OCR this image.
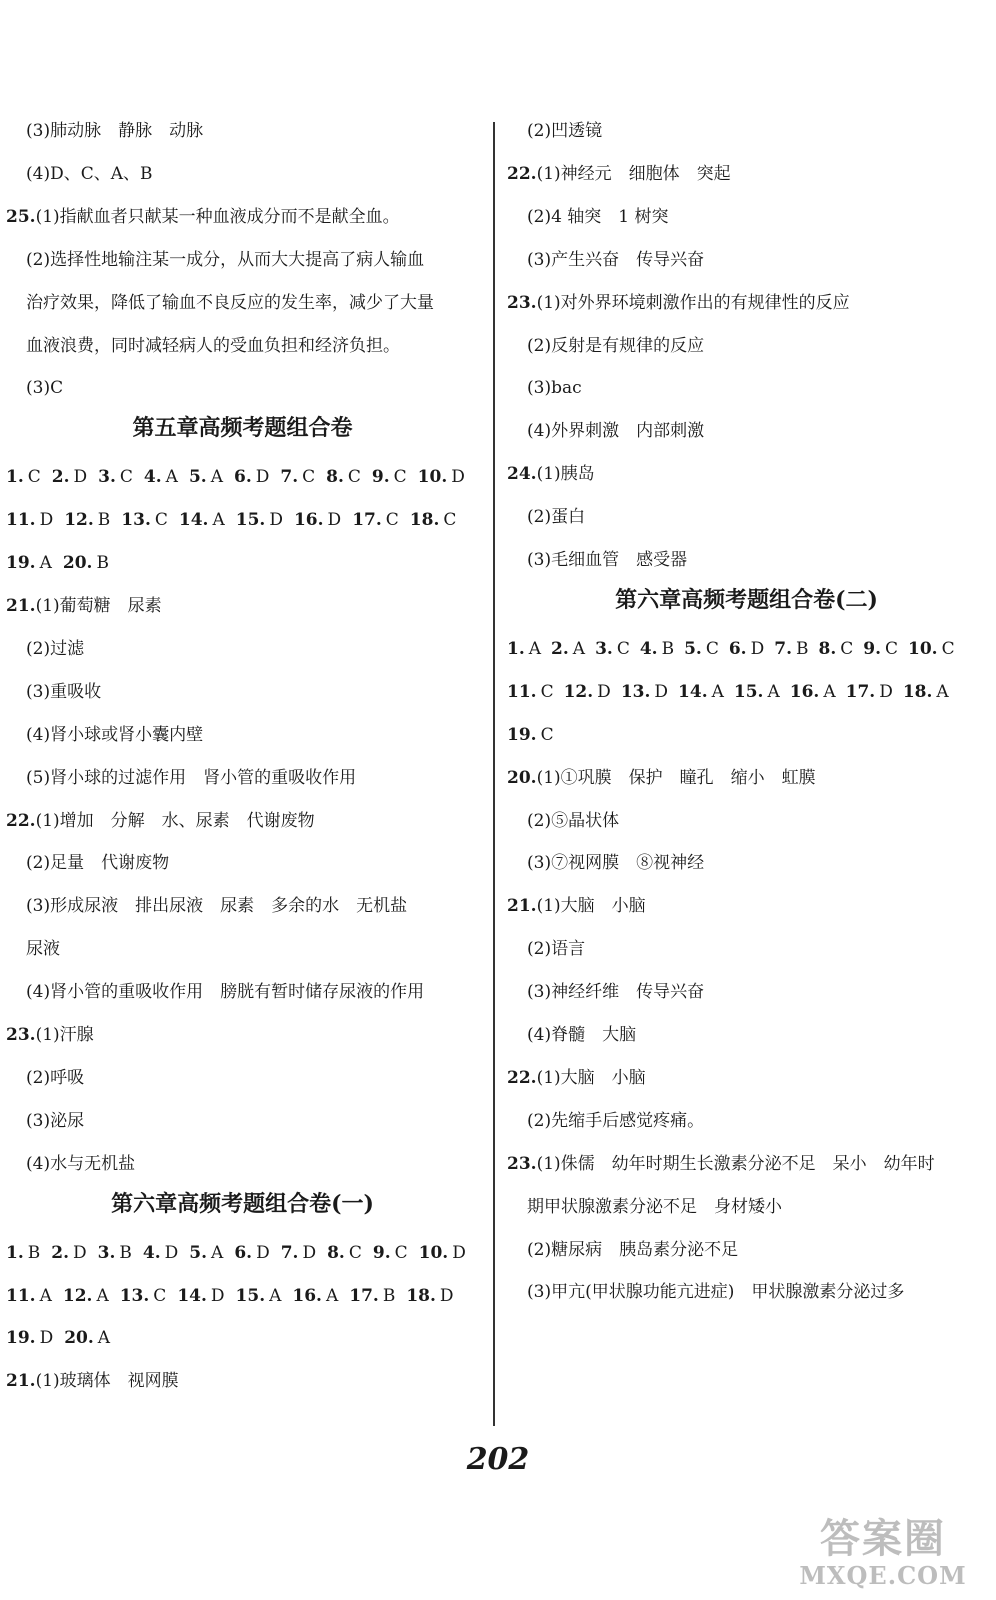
(3)肺动脉　静脉　动脉
(4)D、C、A、B
25.(1)指献血者只献某一种血液成分而不是献全血。
(2)选择性地输注某一成分，从而大大提高了病人输血
治疗效果，降低了输血不良反应的发生率，减少了大量
血液浪费，同时减轻病人的受血负担和经济负担。
(3)C
第五章高频考题组合卷
1. C 2. D 3. C 4. A 5. A 6. D 7. C 8. C 9. C 10. D
11. D 12. B 13. C 14. A 15. D 16. D 17. C 18. C
19. A 20. B
21.(1)葡萄糖　尿素
(2)过滤
(3)重吸收
(4)肾小球或肾小囊内壁
(5)肾小球的过滤作用　肾小管的重吸收作用
22.(1)增加　分解　水、尿素　代谢废物
(2)足量　代谢废物
(3)形成尿液　排出尿液　尿素　多余的水　无机盐
尿液
(4)肾小管的重吸收作用　膀胱有暂时储存尿液的作用
23.(1)汗腺
(2)呼吸
(3)泌尿
(4)水与无机盐
第六章高频考题组合卷(一)
1. B 2. D 3. B 4. D 5. A 6. D 7. D 8. C 9. C 10. D
11. A 12. A 13. C 14. D 15. A 16. A 17. B 18. D
19. D 20. A
21.(1)玻璃体　视网膜
(2)凹透镜
22.(1)神经元　细胞体　突起
(2)4 轴突　1 树突
(3)产生兴奋　传导兴奋
23.(1)对外界环境刺激作出的有规律性的反应
(2)反射是有规律的反应
(3)bac
(4)外界刺激　内部刺激
24.(1)胰岛
(2)蛋白
(3)毛细血管　感受器
第六章高频考题组合卷(二)
1. A 2. A 3. C 4. B 5. C 6. D 7. B 8. C 9. C 10. C
11. C 12. D 13. D 14. A 15. A 16. A 17. D 18. A
19. C
20.(1)①巩膜　保护　瞳孔　缩小　虹膜
(2)⑤晶状体
(3)⑦视网膜　⑧视神经
21.(1)大脑　小脑
(2)语言
(3)神经纤维　传导兴奋
(4)脊髓　大脑
22.(1)大脑　小脑
(2)先缩手后感觉疼痛。
23.(1)侏儒　幼年时期生长激素分泌不足　呆小　幼年时
期甲状腺激素分泌不足　身材矮小
(2)糖尿病　胰岛素分泌不足
(3)甲亢(甲状腺功能亢进症)　甲状腺激素分泌过多
202
答案圈
MXQE.COM
